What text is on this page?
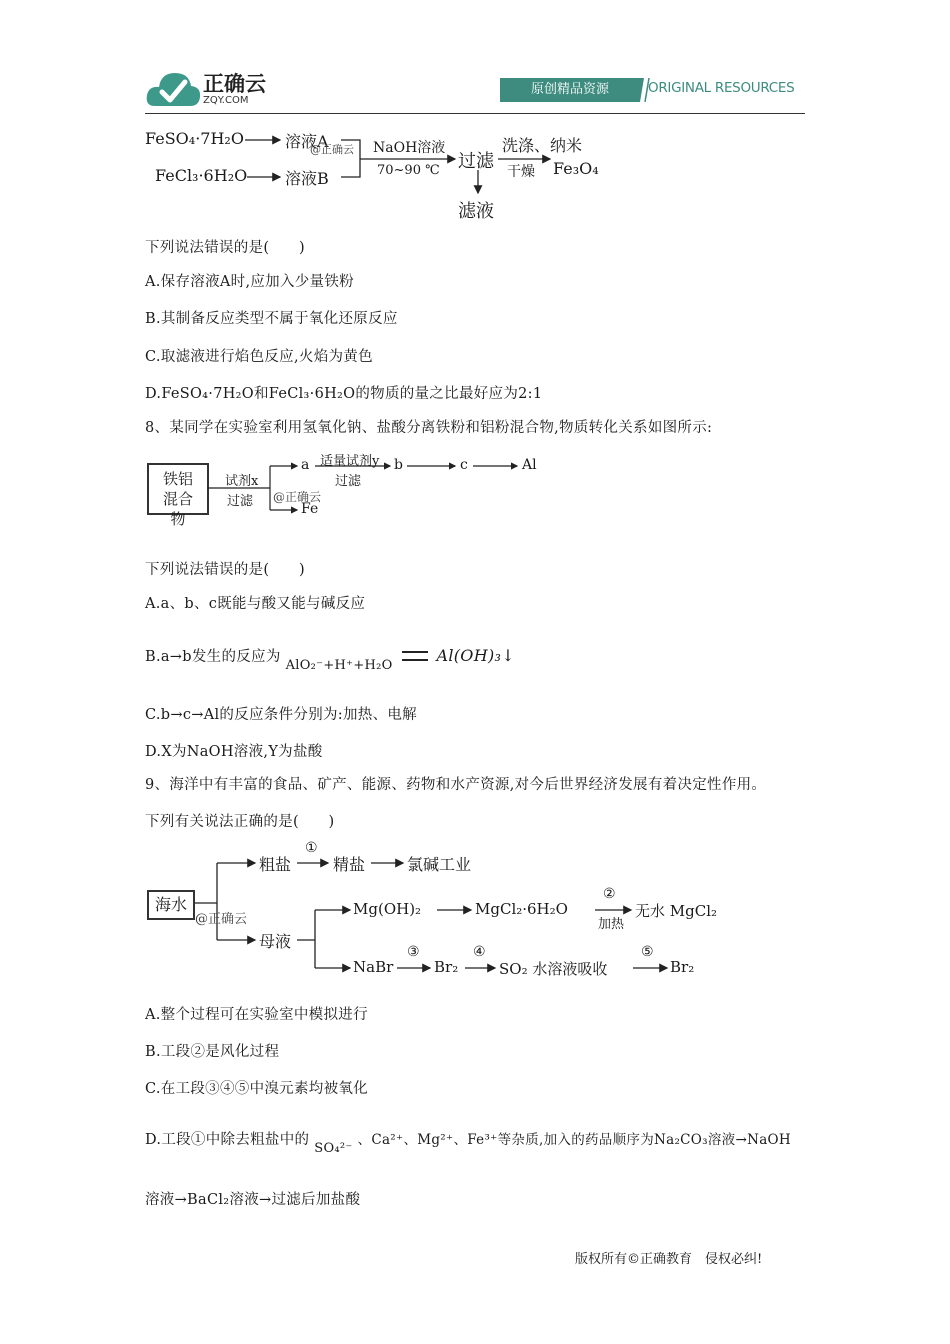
正确云
ZQY.COM
原创精品资源	ORIGINAL RESOURCES
FeSO₄·7H₂O
FeCl₃·6H₂O
溶液A
溶液B
@正确云 NaOH溶液
70~90 ℃ 过滤
洗涤、纳米
干燥 Fe₃O₄
滤液
下列说法错误的是(　　)
A.保存溶液A时,应加入少量铁粉
B.其制备反应类型不属于氧化还原反应
C.取滤液进行焰色反应,火焰为黄色
D.FeSO₄·7H₂O和FeCl₃·6H₂O的物质的量之比最好应为2:1
8、某同学在实验室利用氢氧化钠、盐酸分离铁粉和铝粉混合物,物质转化关系如图所示:
铁铝混合物
试剂x
过滤
a 适量试剂y
过滤
b	c	Al
@正确云
Fe
下列说法错误的是(　　)
A.a、b、c既能与酸又能与碱反应
B.a→b发生的反应为 AlO₂⁻+H⁺+H₂O  Al(OH)₃↓
C.b→c→Al的反应条件分别为:加热、电解
D.X为NaOH溶液,Y为盐酸
9、海洋中有丰富的食品、矿产、能源、药物和水产资源,对今后世界经济发展有着决定性作用。
下列有关说法正确的是(　　)
海水
粗盐
①
精盐	氯碱工业
@正确云
母液
Mg(OH)₂	MgCl₂·6H₂O
②
加热
无水 MgCl₂
NaBr
③
Br₂
④
SO₂ 水溶液吸收
⑤
Br₂
A.整个过程可在实验室中模拟进行
B.工段②是风化过程
C.在工段③④⑤中溴元素均被氧化
D.工段①中除去粗盐中的 SO₄²⁻ 、Ca²⁺、Mg²⁺、Fe³⁺等杂质,加入的药品顺序为Na₂CO₃溶液→NaOH
溶液→BaCl₂溶液→过滤后加盐酸
版权所有©正确教育　侵权必纠!
